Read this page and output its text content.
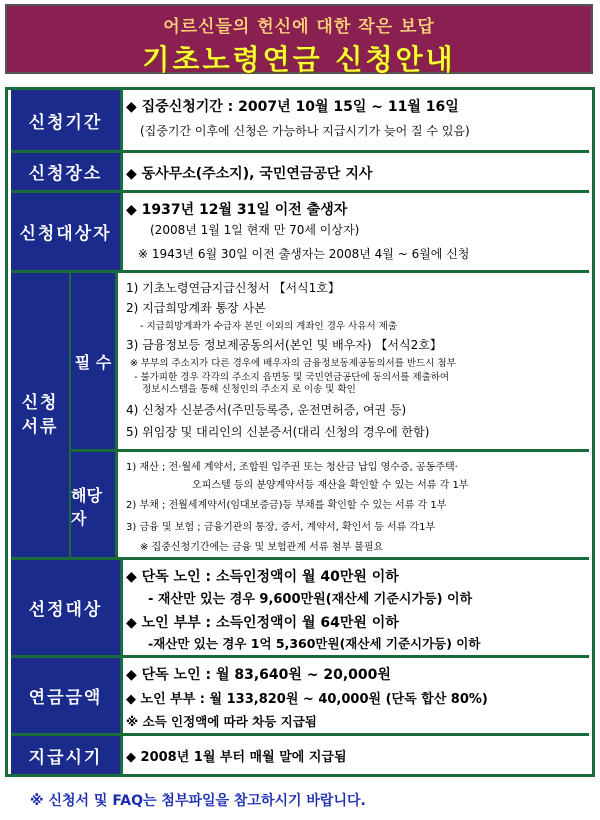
어르신들의 헌신에 대한 작은 보답
기초노령연금 신청안내
신청기간
◆ 집중신청기간 : 2007년 10월 15일 ~ 11월 16일
(집중기간 이후에 신청은 가능하나 지급시기가 늦어 질 수 있음)
신청장소	◆ 동사무소(주소지), 국민연금공단 지사
신청대상자
◆ 1937년 12월 31일 이전 출생자
(2008년 1월 1일 현재 만 70세 이상자)
※ 1943년 6월 30일 이전 출생자는 2008년 4월 ~ 6월에 신청
신청 서류
필 수
해당자
1) 기초노령연금지급신청서 【서식1호】
2) 지급희망계좌 통장 사본
- 지급희망계좌가 수급자 본인 이외의 계좌인 경우 사유서 제출
3) 금융정보등 정보제공동의서(본인 및 배우자) 【서식2호】
※ 부부의 주소지가 다른 경우에 배우자의 금융정보동제공동의서를 반드시 첨부
- 불가피한 경우 각각의 주소지 읍면동 및 국민연금공단에 동의서를 제출하여
정보시스템을 통해 신청인의 주소지 로 이송 및 확인
4) 신청자 신분증서(주민등록증, 운전면허증, 여권 등)
5) 위임장 및 대리인의 신분증서(대리 신청의 경우에 한함)
1) 재산 ; 전·월세 계약서, 조합원 입주권 또는 청산금 납입 영수증, 공동주택·
오피스텔 등의 분양계약서등 재산을 확인할 수 있는 서류 각 1부
2) 부채 ; 전월세계약서(임대보증금)등 부채를 확인할 수 있는 서류 각 1부
3) 금융 및 보험 ; 금융기관의 통장, 증서, 계약서, 확인서 등 서류 각1부
※ 집중신청기간에는 금융 및 보험관계 서류 첨부 불필요
선정대상
◆ 단독 노인 : 소득인정액이 월 40만원 이하
- 재산만 있는 경우 9,600만원(재산세 기준시가등) 이하
◆ 노인 부부 : 소득인정액이 월 64만원 이하
-재산만 있는 경우 1억 5,360만원(재산세 기준시가등) 이하
연금금액
◆ 단독 노인 : 월 83,640원 ~ 20,000원
◆ 노인 부부 : 월 133,820원 ~ 40,000원 (단독 합산 80%)
※ 소득 인정액에 따라 차등 지급됨
지급시기	◆ 2008년 1월 부터 매월 말에 지급됨
※ 신청서 및 FAQ는 첨부파일을 참고하시기 바랍니다.
